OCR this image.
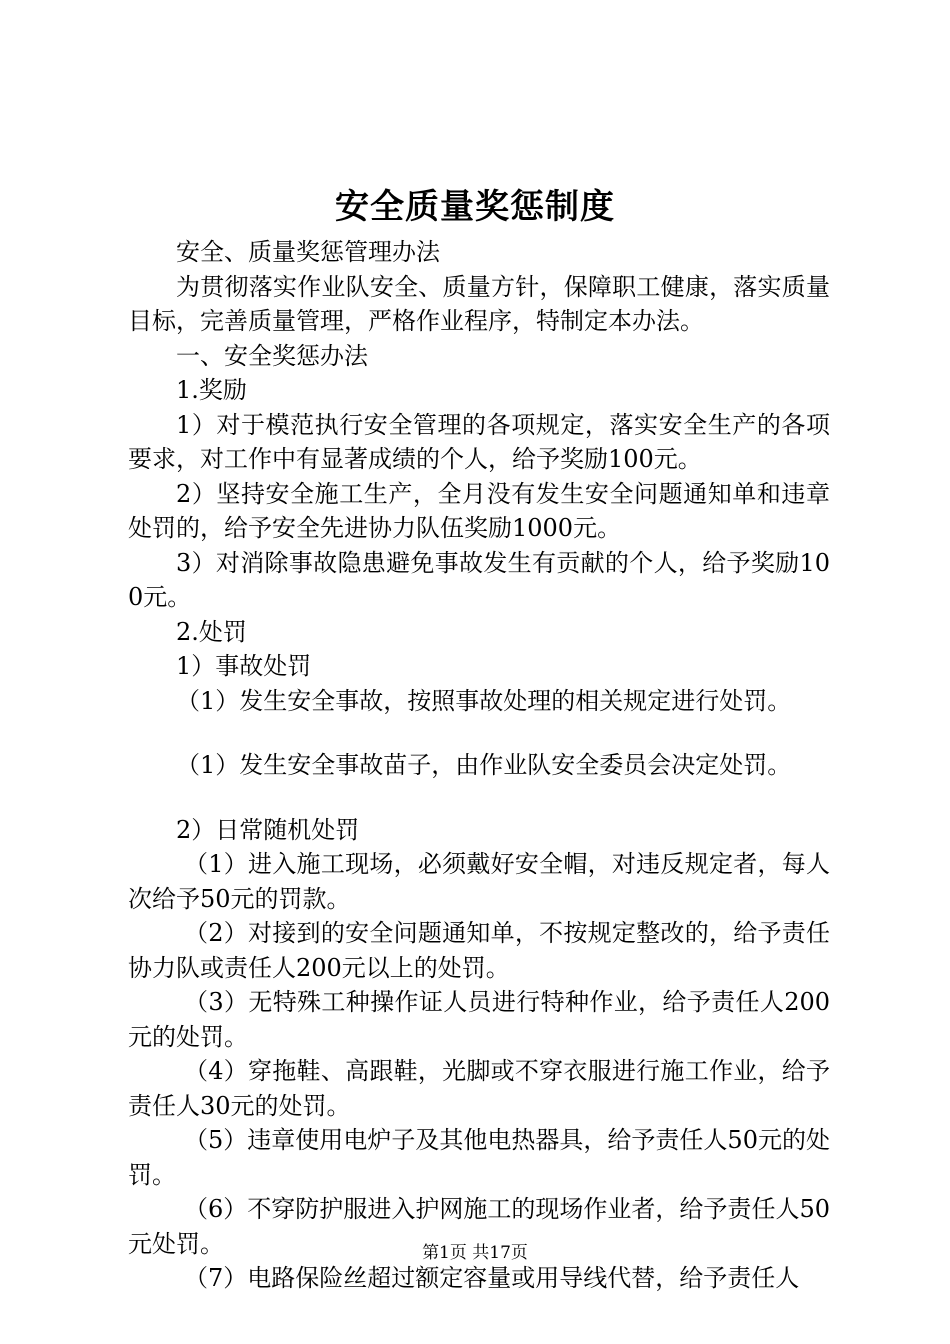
安全质量奖惩制度

安全、质量奖惩管理办法

为贯彻落实作业队安全、质量方针，保障职工健康，落实质量目标，完善质量管理，严格作业程序，特制定本办法。

一、安全奖惩办法

1.奖励

1）对于模范执行安全管理的各项规定，落实安全生产的各项要求，对工作中有显著成绩的个人，给予奖励100元。

2）坚持安全施工生产，全月没有发生安全问题通知单和违章处罚的，给予安全先进协力队伍奖励1000元。

3）对消除事故隐患避免事故发生有贡献的个人，给予奖励100元。

2.处罚

1）事故处罚

（1）发生安全事故，按照事故处理的相关规定进行处罚。

（1）发生安全事故苗子，由作业队安全委员会决定处罚。

2）日常随机处罚

（1）进入施工现场，必须戴好安全帽，对违反规定者，每人次给予50元的罚款。

（2）对接到的安全问题通知单，不按规定整改的，给予责任协力队或责任人200元以上的处罚。

（3）无特殊工种操作证人员进行特种作业，给予责任人200元的处罚。

（4）穿拖鞋、高跟鞋，光脚或不穿衣服进行施工作业，给予责任人30元的处罚。

（5）违章使用电炉子及其他电热器具，给予责任人50元的处罚。

（6）不穿防护服进入护网施工的现场作业者，给予责任人50元处罚。

（7）电路保险丝超过额定容量或用导线代替，给予责任人

第1页 共17页
